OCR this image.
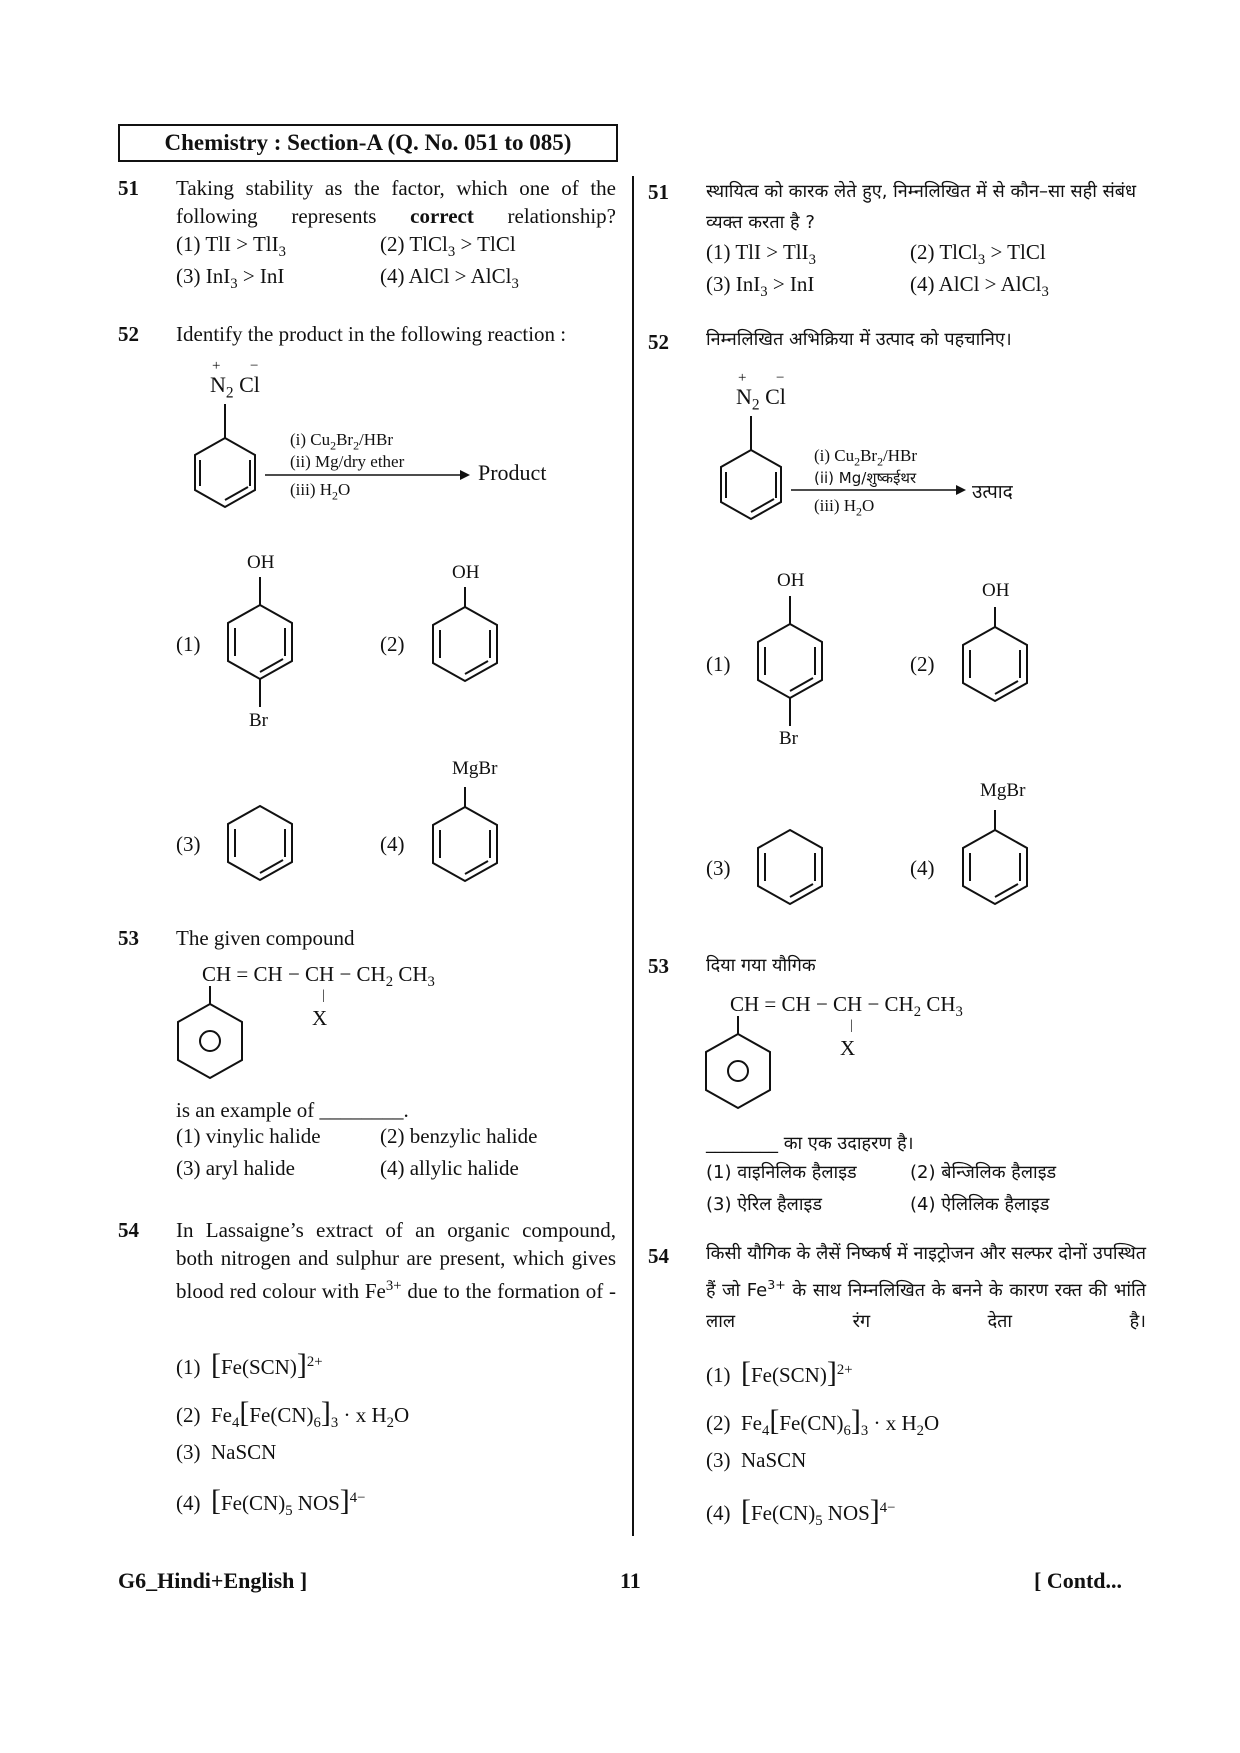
Chemistry : Section-A (Q. No. 051 to 085)
51 Taking stability as the factor, which one of the following represents correct relationship?
(1) TlI > TlI$_3$	(2) TlCl$_3$ > TlCl
(3) InI$_3$ > InI	(4) AlCl > AlCl$_3$
52 Identify the product in the following reaction :
$N_2$ Cl
+ −
(i) $Cu_2Br_2$/HBr
(ii) Mg/dry ether
(iii) $H_2O$
Product
(1)
OH
Br
(2)
OH
(3)	(4)
MgBr
53 The given compound
CH = CH − CH − $CH_2$ $CH_3$
|
X
is an example of ________.
(1) vinylic halide	(2) benzylic halide
(3) aryl halide	(4) allylic halide
54 In Lassaigne’s extract of an organic compound, both nitrogen and sulphur are present, which gives blood red colour with $Fe^{3+}$ due to the formation of -
(1) $[Fe(SCN)]^{2+}$
(2) $Fe_4[Fe(CN)_6]_3 \cdot x$ $H_2O$
(3) NaSCN
(4) [$Fe(CN)_5$ NOS]$^{4-}$
51 स्थायित्व को कारक लेते हुए, निम्नलिखित में से कौन–सा सही संबंध व्यक्त करता है ?
(1) TlI > TlI$_3$	(2) TlCl$_3$ > TlCl
(3) InI$_3$ > InI	(4) AlCl > AlCl$_3$
52 निम्नलिखित अभिक्रिया में उत्पाद को पहचानिए।
$N_2$ Cl
+ −
(i) $Cu_2Br_2$/HBr
(ii) Mg/शुष्कईथर
(iii) $H_2O$
उत्पाद
(1)
OH
Br
(2)
OH
(3)	(4)
MgBr
53 दिया गया यौगिक
CH = CH − CH − $CH_2$ $CH_3$
|
X
________ का एक उदाहरण है।
(1) वाइनिलिक हैलाइड	(2) बेन्जिलिक हैलाइड
(3) ऐरिल हैलाइड	(4) ऐलिलिक हैलाइड
54 किसी यौगिक के लैसें निष्कर्ष में नाइट्रोजन और सल्फर दोनों उपस्थित हैं जो $Fe^{3+}$ के साथ निम्नलिखित के बनने के कारण रक्त की भांति लाल रंग देता है।
(1) $[Fe(SCN)]^{2+}$
(2) $Fe_4[Fe(CN)_6]_3 \cdot x$ $H_2O$
(3) NaSCN
(4) [$Fe(CN)_5$ NOS]$^{4-}$
G6_Hindi+English ]	11	[ Contd...
